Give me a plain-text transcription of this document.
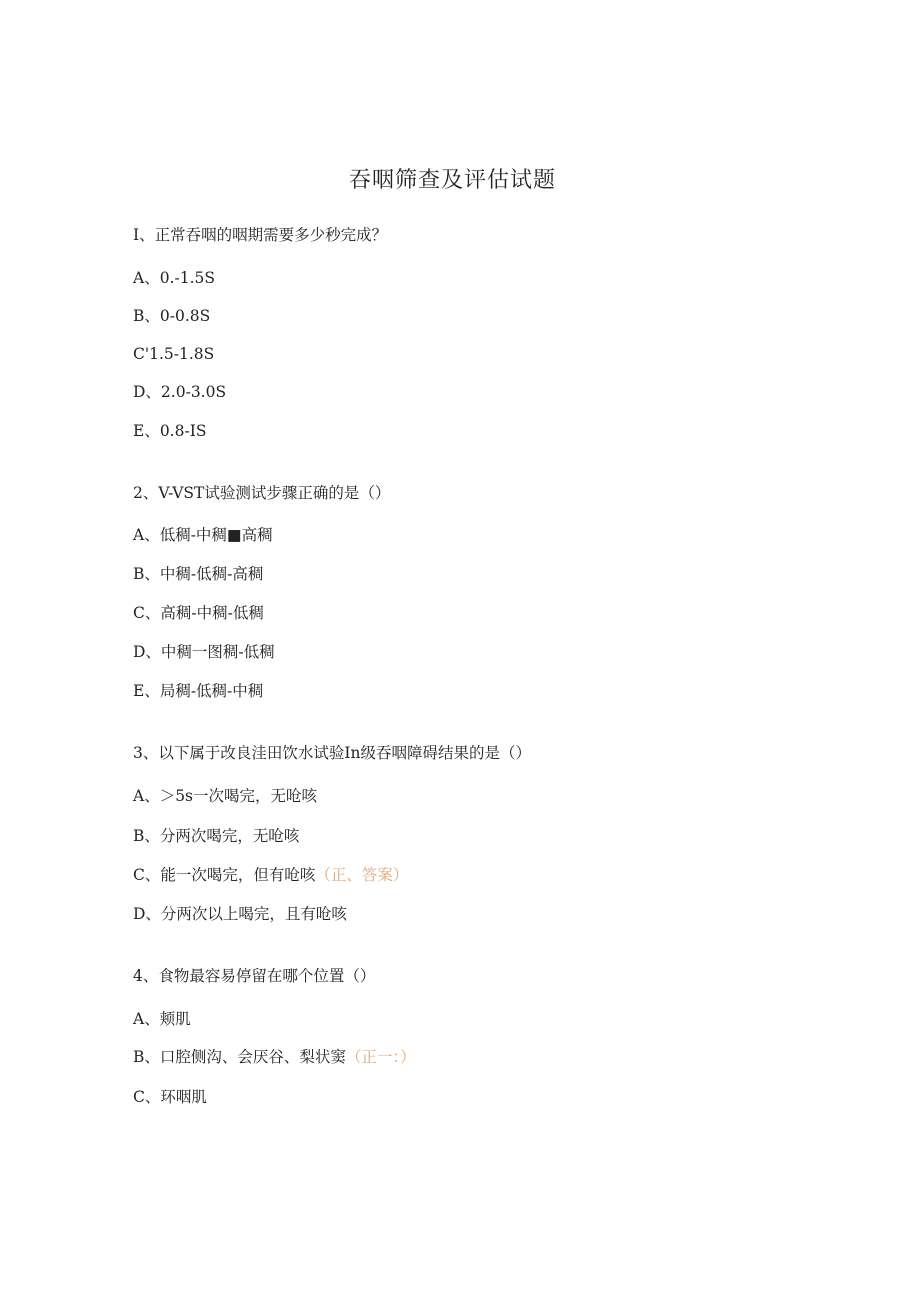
吞咽筛查及评估试题
I、正常吞咽的咽期需要多少秒完成？
A、0.-1.5S
B、0-0.8S
C'1.5-1.8S
D、2.0-3.0S
E、0.8-IS
2、V-VST试验测试步骤正确的是（）
A、低稠-中稠■高稠
B、中稠-低稠-高稠
C、高稠-中稠-低稠
D、中稠一图稠-低稠
E、局稠-低稠-中稠
3、以下属于改良洼田饮水试验In级吞咽障碍结果的是（）
A、＞5s一次喝完，无呛咳
B、分两次喝完，无呛咳
C、能一次喝完，但有呛咳（正、答案）
D、分两次以上喝完，且有呛咳
4、食物最容易停留在哪个位置（）
A、颊肌
B、口腔侧沟、会厌谷、梨状窦（正一：）
C、环咽肌
